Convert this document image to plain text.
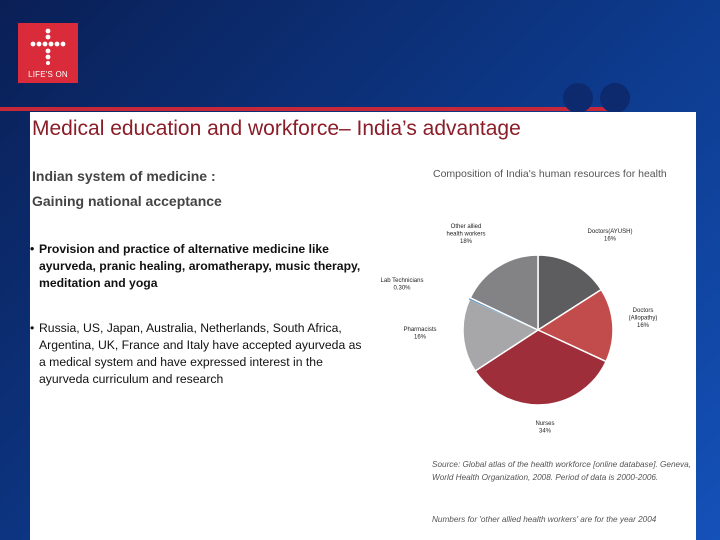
LIFE'S ON
Medical education and workforce– India’s advantage
Indian system of medicine :
Gaining national acceptance
• Provision and practice of alternative medicine like ayurveda, pranic healing, aromatherapy, music therapy, meditation and yoga
• Russia, US, Japan, Australia, Netherlands, South Africa, Argentina, UK, France and Italy have accepted ayurveda as a medical system and have expressed interest in the ayurveda curriculum and research
Composition of India's human resources for health
Doctors(AYUSH) 16%
Doctors (Allopathy) 16%
Nurses 34%
Pharmacists 16%
Lab Technicians 0.30%
Other allied health workers 18%
Source: Global atlas of the health workforce [online database]. Geneva, World Health Organization, 2008. Period of data is 2000-2006.
Numbers for 'other allied health workers' are for the year 2004
